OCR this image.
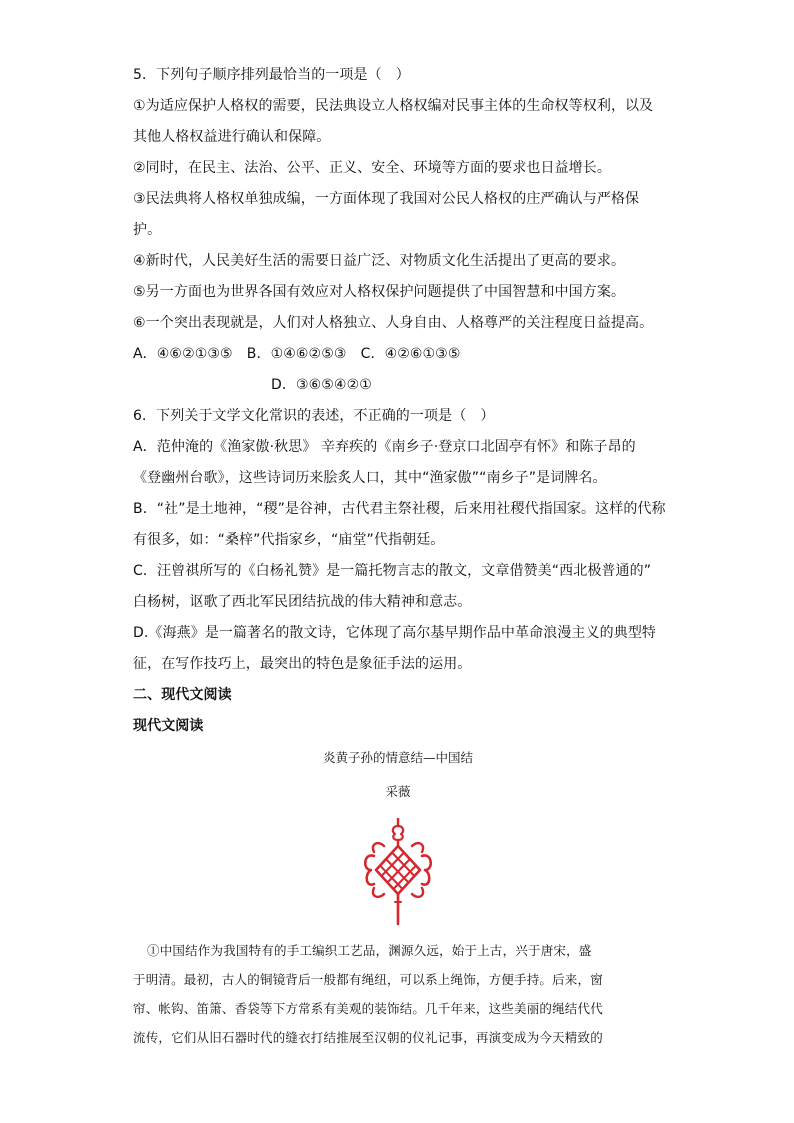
5．下列句子顺序排列最恰当的一项是（　）
①为适应保护人格权的需要，民法典设立人格权编对民事主体的生命权等权利，以及
其他人格权益进行确认和保障。
②同时，在民主、法治、公平、正义、安全、环境等方面的要求也日益增长。
③民法典将人格权单独成编，一方面体现了我国对公民人格权的庄严确认与严格保
护。
④新时代，人民美好生活的需要日益广泛、对物质文化生活提出了更高的要求。
⑤另一方面也为世界各国有效应对人格权保护问题提供了中国智慧和中国方案。
⑥一个突出表现就是，人们对人格独立、人身自由、人格尊严的关注程度日益提高。
A．④⑥②①③⑤　B．①④⑥②⑤③　C．④②⑥①③⑤
D．③⑥⑤④②①
6．下列关于文学文化常识的表述，不正确的一项是（　）
A．范仲淹的《渔家傲·秋思》 辛弃疾的《南乡子·登京口北固亭有怀》和陈子昂的
《登幽州台歌》，这些诗词历来脍炙人口，其中“渔家傲”“南乡子”是词牌名。
B．“社”是土地神，“稷”是谷神，古代君主祭社稷，后来用社稷代指国家。这样的代称
有很多，如：“桑梓”代指家乡，“庙堂”代指朝廷。
C．汪曾祺所写的《白杨礼赞》是一篇托物言志的散文，文章借赞美“西北极普通的”
白杨树，讴歌了西北军民团结抗战的伟大精神和意志。
D.《海燕》是一篇著名的散文诗，它体现了高尔基早期作品中革命浪漫主义的典型特
征，在写作技巧上，最突出的特色是象征手法的运用。
二、现代文阅读
现代文阅读
炎黄子孙的情意结—中国结
采薇
①中国结作为我国特有的手工编织工艺品，渊源久远，始于上古，兴于唐宋，盛
于明清。最初，古人的铜镜背后一般都有绳纽，可以系上绳饰，方便手持。后来，窗
帘、帐钩、笛箫、香袋等下方常系有美观的装饰结。几千年来，这些美丽的绳结代代
流传，它们从旧石器时代的缝衣打结推展至汉朝的仪礼记事，再演变成为今天精致的
